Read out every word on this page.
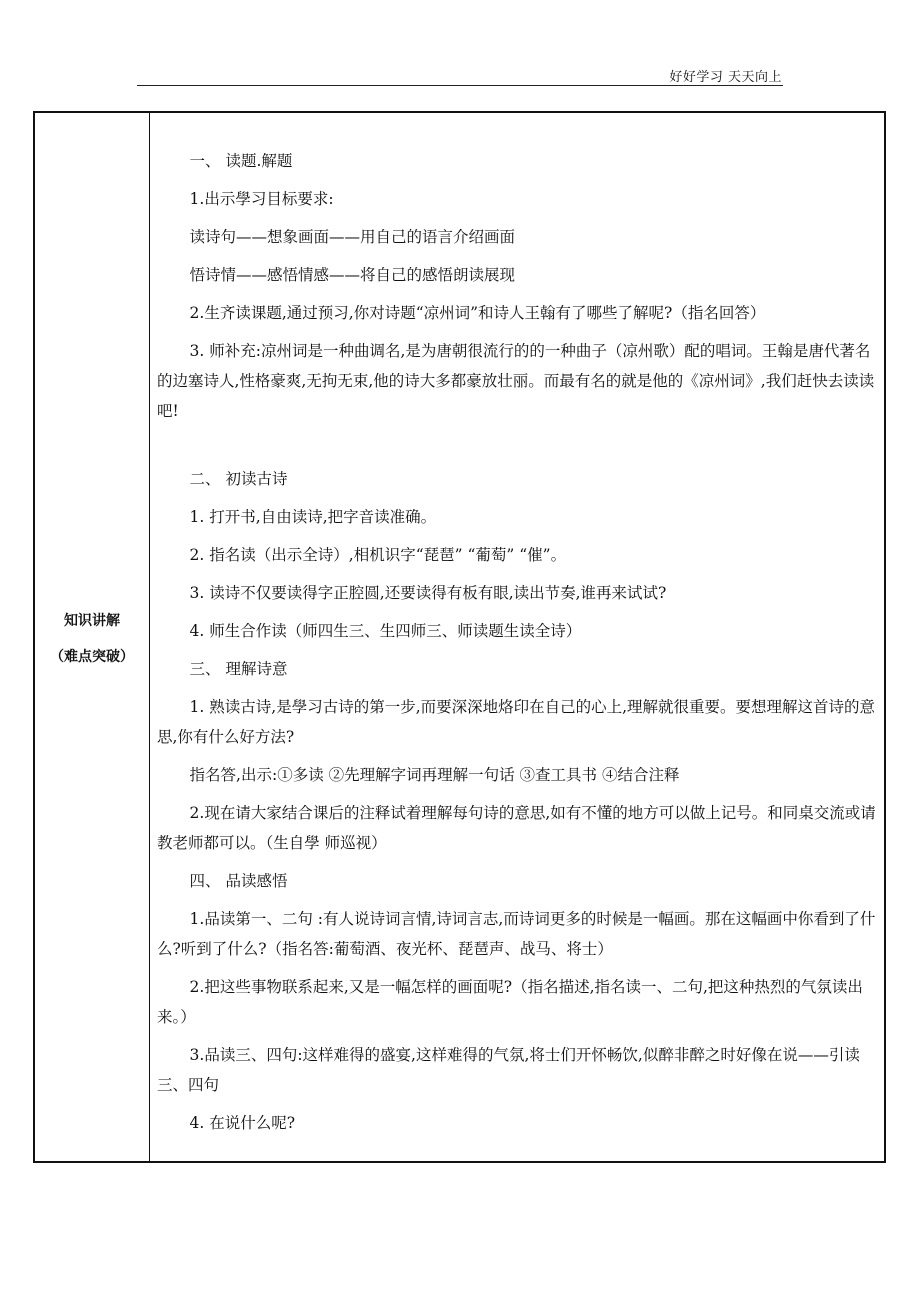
好好学习 天天向上
知识讲解
（难点突破）

一、 读题.解题

1.出示學习目标要求:

读诗句——想象画面——用自己的语言介绍画面

悟诗情——感悟情感——将自己的感悟朗读展现

2.生齐读课题,通过预习,你对诗题“凉州词”和诗人王翰有了哪些了解呢?（指名回答）

3. 师补充:凉州词是一种曲调名,是为唐朝很流行的的一种曲子（凉州歌）配的唱词。王翰是唐代著名的边塞诗人,性格豪爽,无拘无束,他的诗大多都豪放壮丽。而最有名的就是他的《凉州词》,我们赶快去读读吧!

二、 初读古诗

1. 打开书,自由读诗,把字音读准确。

2. 指名读（出示全诗）,相机识字“琵琶” “葡萄” “催”。

3. 读诗不仅要读得字正腔圆,还要读得有板有眼,读出节奏,谁再来试试?

4. 师生合作读（师四生三、生四师三、师读题生读全诗）

三、 理解诗意

1. 熟读古诗,是學习古诗的第一步,而要深深地烙印在自己的心上,理解就很重要。要想理解这首诗的意思,你有什么好方法?

指名答,出示:①多读 ②先理解字词再理解一句话 ③查工具书 ④结合注释

2.现在请大家结合课后的注释试着理解每句诗的意思,如有不懂的地方可以做上记号。和同桌交流或请教老师都可以。（生自學 师巡视）

四、 品读感悟

1.品读第一、二句 :有人说诗词言情,诗词言志,而诗词更多的时候是一幅画。那在这幅画中你看到了什么?听到了什么?（指名答:葡萄酒、夜光杯、琵琶声、战马、将士）

2.把这些事物联系起来,又是一幅怎样的画面呢?（指名描述,指名读一、二句,把这种热烈的气氛读出来。）

3.品读三、四句:这样难得的盛宴,这样难得的气氛,将士们开怀畅饮,似醉非醉之时好像在说——引读三、四句

4. 在说什么呢?
